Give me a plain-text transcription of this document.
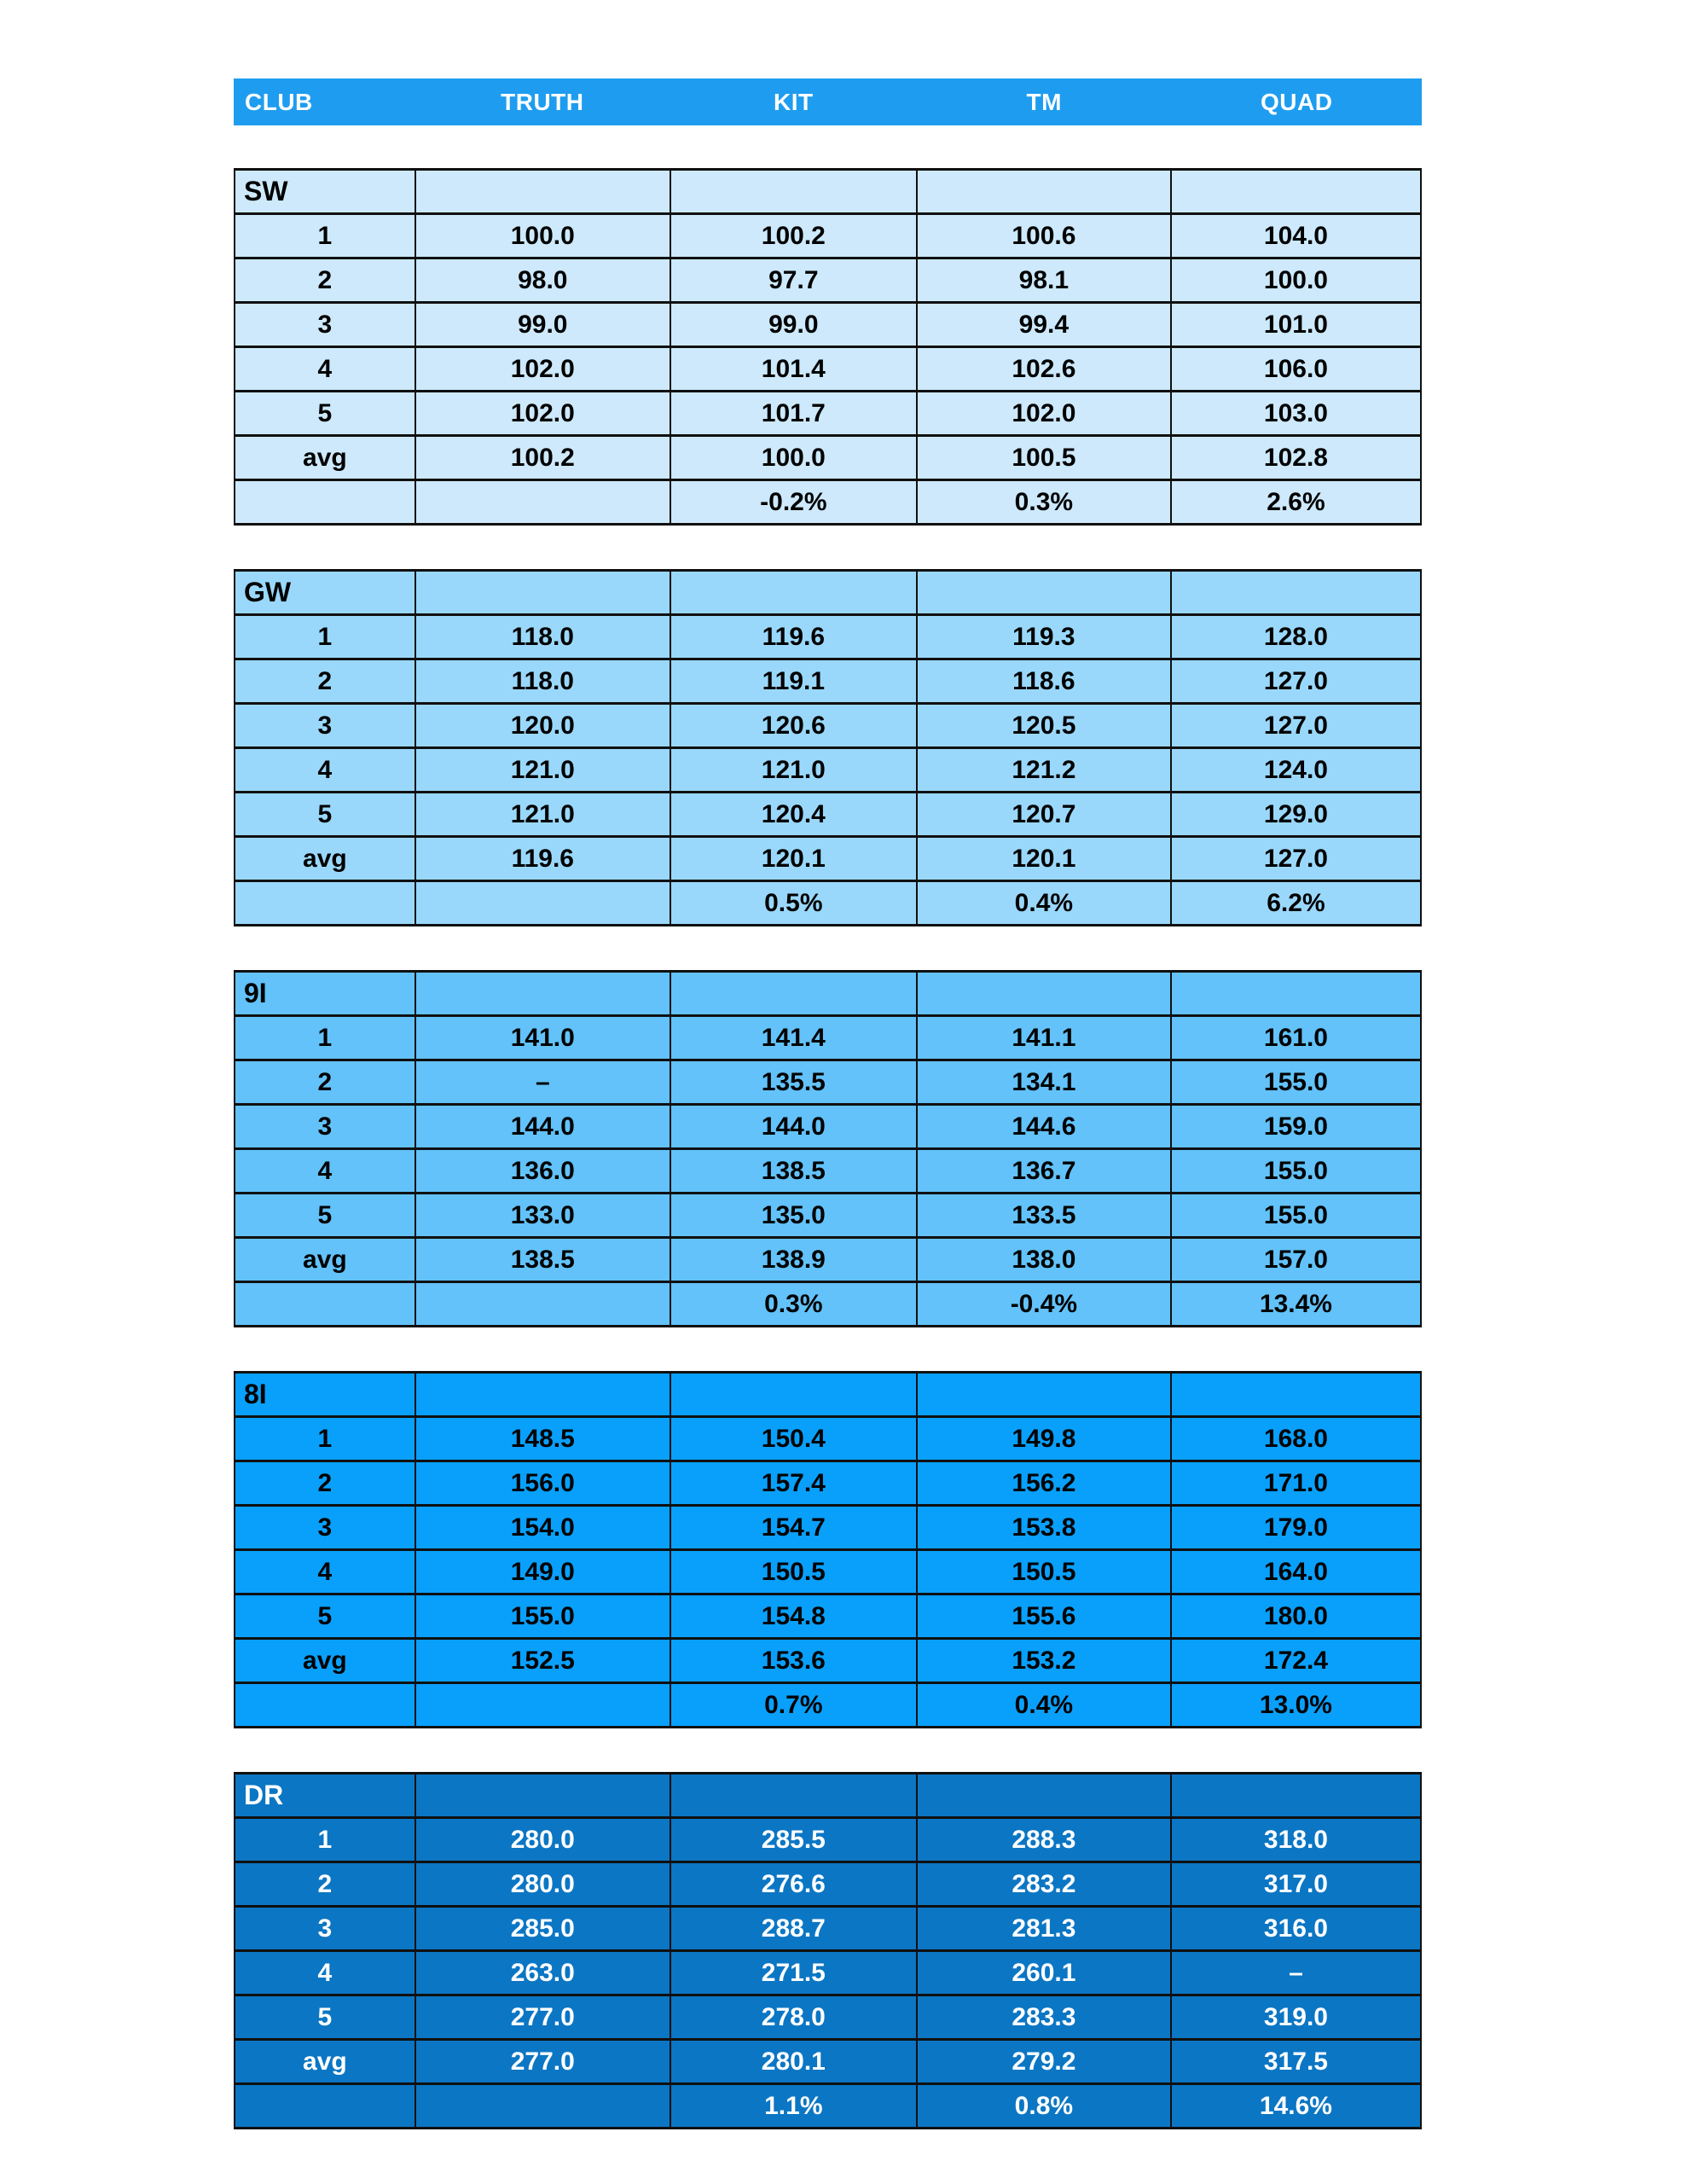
CLUB	TRUTH	KIT	TM	QUAD
SW				
1	100.0	100.2	100.6	104.0
2	98.0	97.7	98.1	100.0
3	99.0	99.0	99.4	101.0
4	102.0	101.4	102.6	106.0
5	102.0	101.7	102.0	103.0
avg	100.2	100.0	100.5	102.8
		-0.2%	0.3%	2.6%
GW				
1	118.0	119.6	119.3	128.0
2	118.0	119.1	118.6	127.0
3	120.0	120.6	120.5	127.0
4	121.0	121.0	121.2	124.0
5	121.0	120.4	120.7	129.0
avg	119.6	120.1	120.1	127.0
		0.5%	0.4%	6.2%
9I				
1	141.0	141.4	141.1	161.0
2	–	135.5	134.1	155.0
3	144.0	144.0	144.6	159.0
4	136.0	138.5	136.7	155.0
5	133.0	135.0	133.5	155.0
avg	138.5	138.9	138.0	157.0
		0.3%	-0.4%	13.4%
8I				
1	148.5	150.4	149.8	168.0
2	156.0	157.4	156.2	171.0
3	154.0	154.7	153.8	179.0
4	149.0	150.5	150.5	164.0
5	155.0	154.8	155.6	180.0
avg	152.5	153.6	153.2	172.4
		0.7%	0.4%	13.0%
DR				
1	280.0	285.5	288.3	318.0
2	280.0	276.6	283.2	317.0
3	285.0	288.7	281.3	316.0
4	263.0	271.5	260.1	–
5	277.0	278.0	283.3	319.0
avg	277.0	280.1	279.2	317.5
		1.1%	0.8%	14.6%
